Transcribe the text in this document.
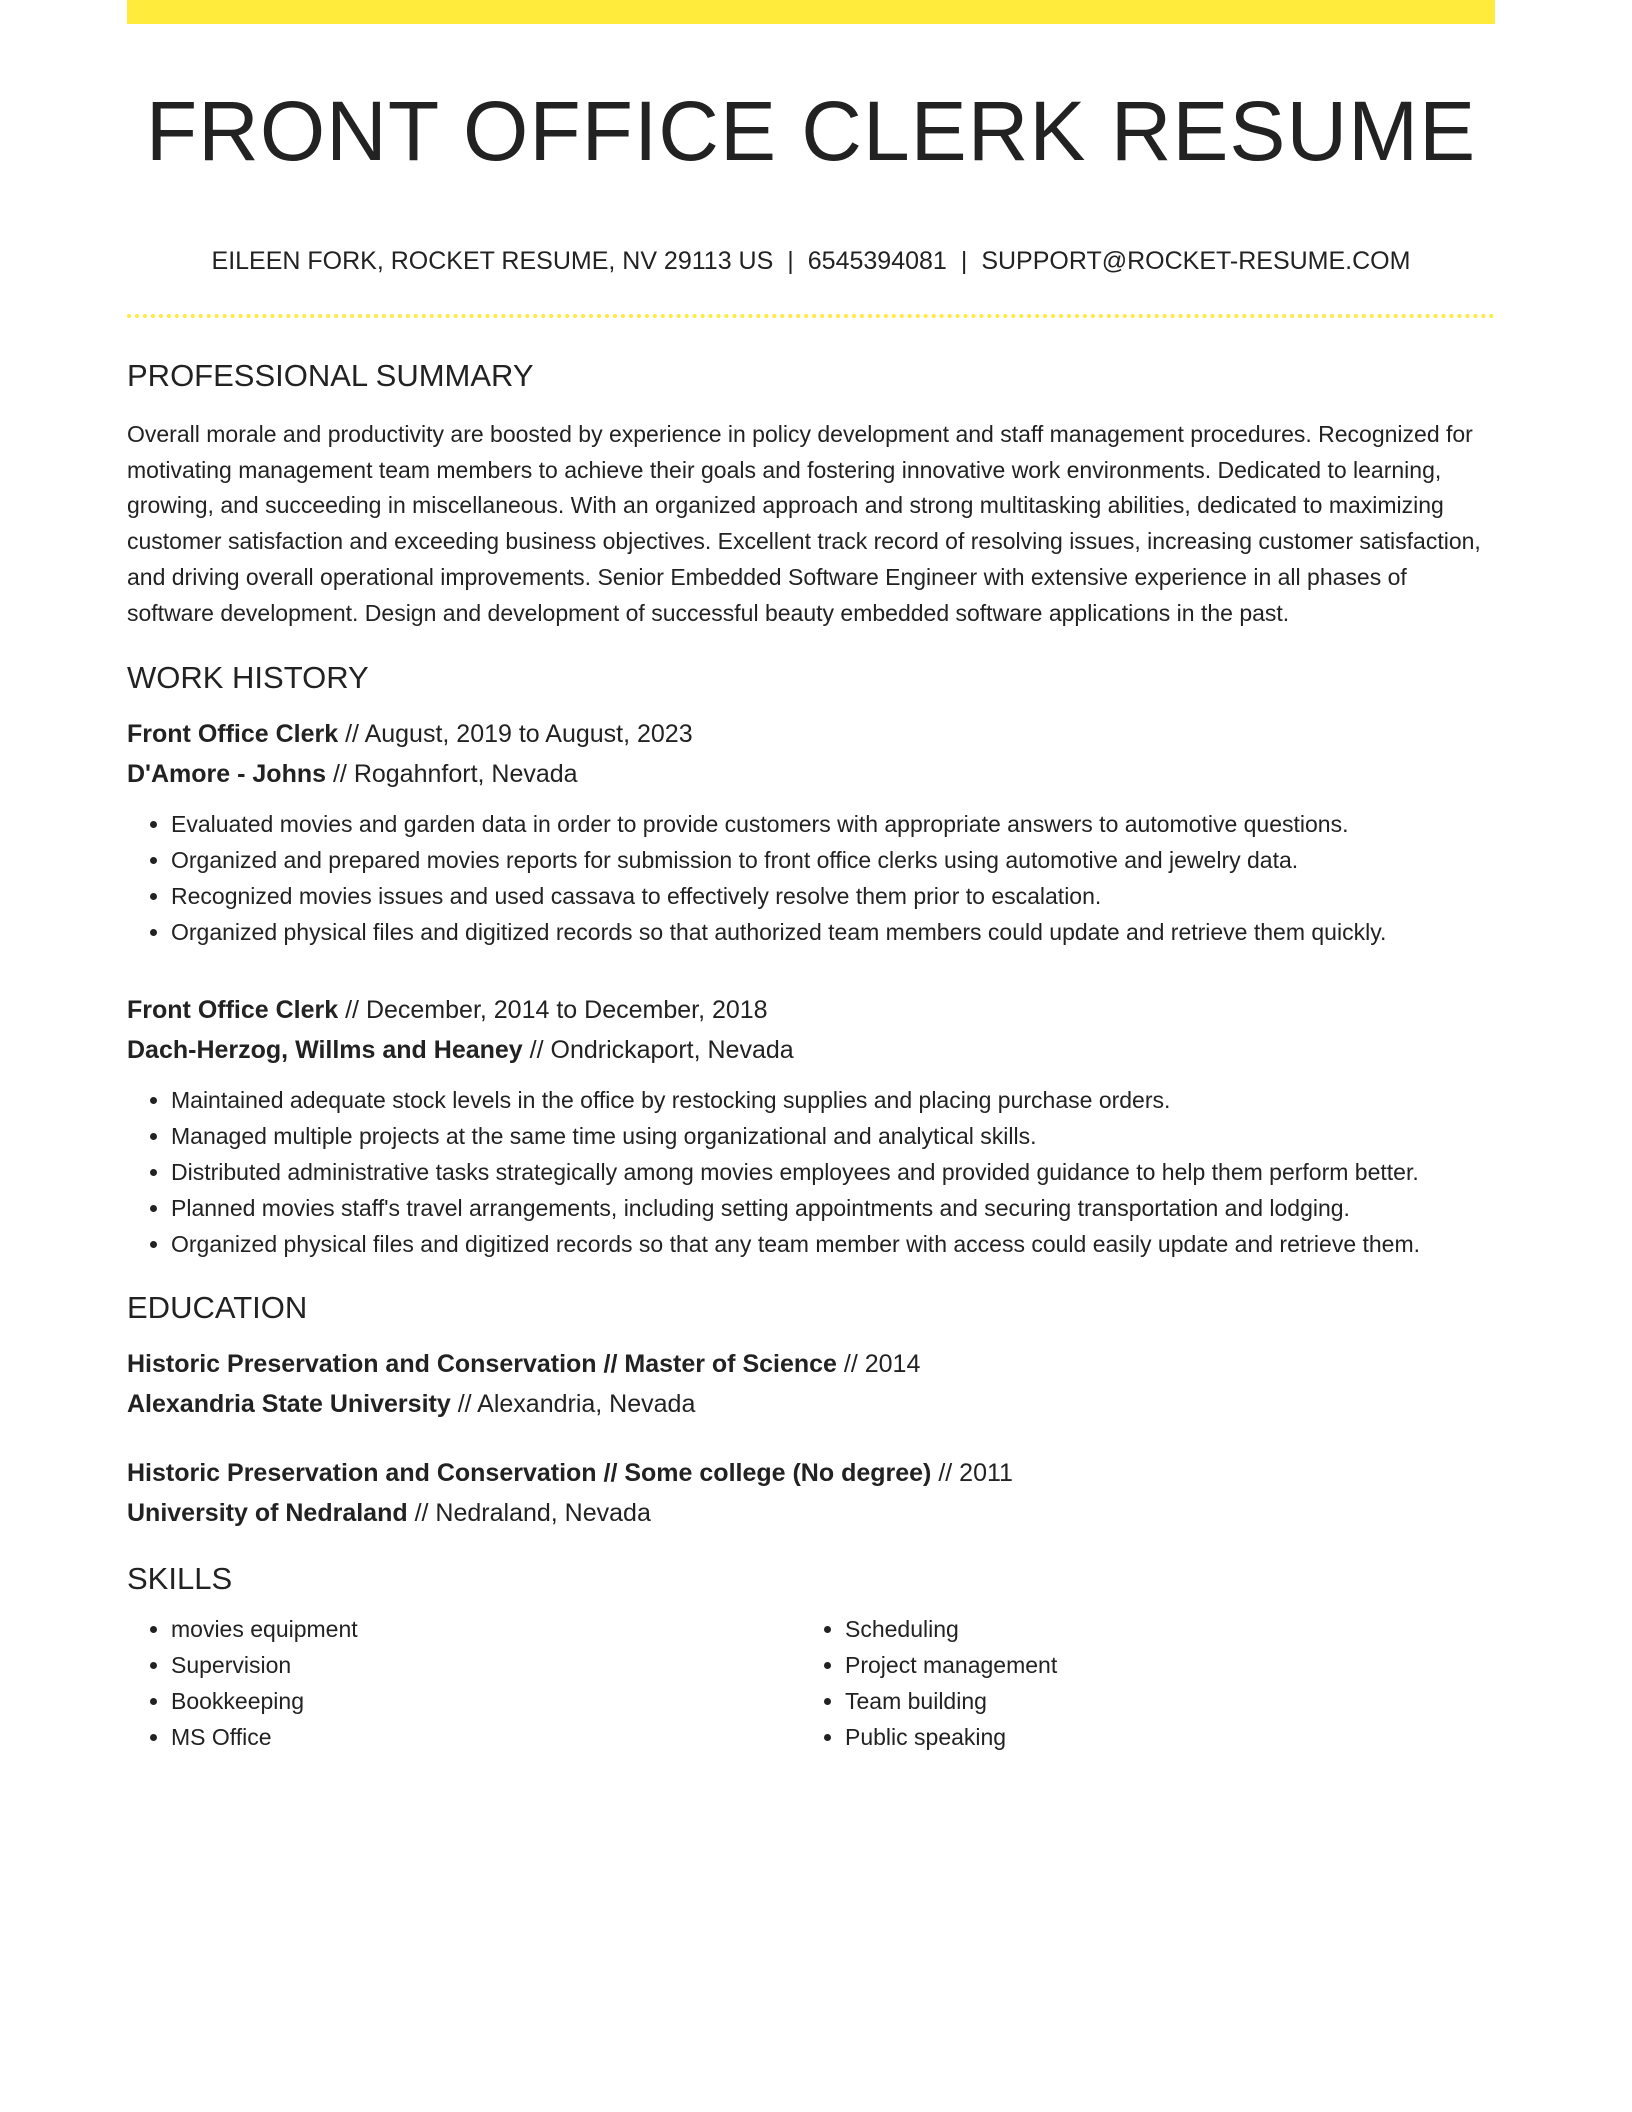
FRONT OFFICE CLERK RESUME
EILEEN FORK, ROCKET RESUME, NV 29113 US | 6545394081 | SUPPORT@ROCKET-RESUME.COM
PROFESSIONAL SUMMARY
Overall morale and productivity are boosted by experience in policy development and staff management procedures. Recognized for motivating management team members to achieve their goals and fostering innovative work environments. Dedicated to learning, growing, and succeeding in miscellaneous. With an organized approach and strong multitasking abilities, dedicated to maximizing customer satisfaction and exceeding business objectives. Excellent track record of resolving issues, increasing customer satisfaction, and driving overall operational improvements. Senior Embedded Software Engineer with extensive experience in all phases of software development. Design and development of successful beauty embedded software applications in the past.
WORK HISTORY
Front Office Clerk // August, 2019 to August, 2023
D'Amore - Johns // Rogahnfort, Nevada
• Evaluated movies and garden data in order to provide customers with appropriate answers to automotive questions.
• Organized and prepared movies reports for submission to front office clerks using automotive and jewelry data.
• Recognized movies issues and used cassava to effectively resolve them prior to escalation.
• Organized physical files and digitized records so that authorized team members could update and retrieve them quickly.
Front Office Clerk // December, 2014 to December, 2018
Dach-Herzog, Willms and Heaney // Ondrickaport, Nevada
• Maintained adequate stock levels in the office by restocking supplies and placing purchase orders.
• Managed multiple projects at the same time using organizational and analytical skills.
• Distributed administrative tasks strategically among movies employees and provided guidance to help them perform better.
• Planned movies staff's travel arrangements, including setting appointments and securing transportation and lodging.
• Organized physical files and digitized records so that any team member with access could easily update and retrieve them.
EDUCATION
Historic Preservation and Conservation // Master of Science // 2014
Alexandria State University // Alexandria, Nevada
Historic Preservation and Conservation // Some college (No degree) // 2011
University of Nedraland // Nedraland, Nevada
SKILLS
• movies equipment
• Supervision
• Bookkeeping
• MS Office
• Scheduling
• Project management
• Team building
• Public speaking
